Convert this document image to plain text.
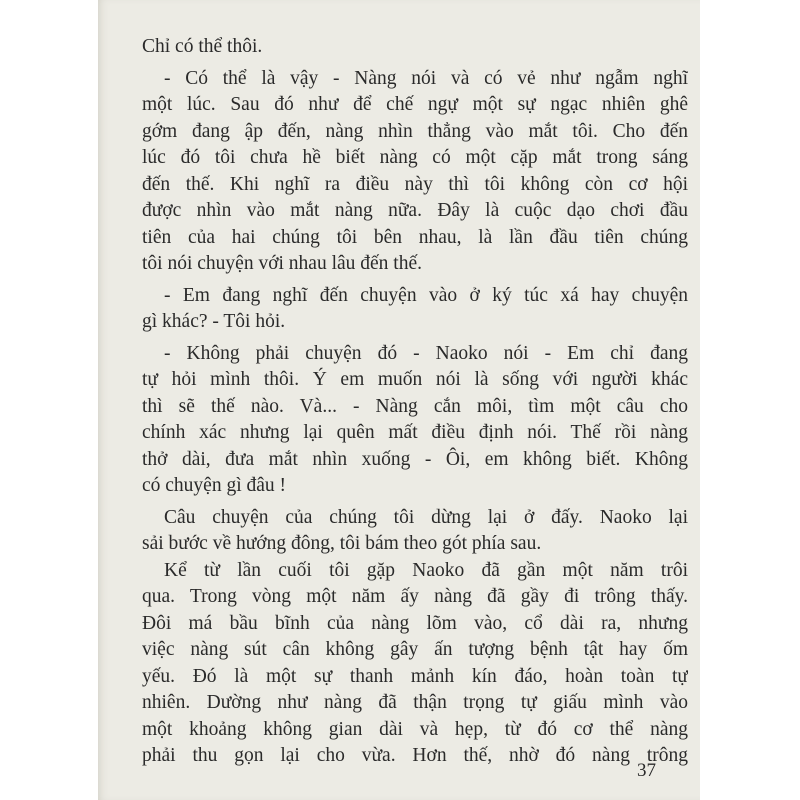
Chỉ có thể thôi.
- Có thể là vậy - Nàng nói và có vẻ như ngẫm nghĩ
một lúc. Sau đó như để chế ngự một sự ngạc nhiên ghê
gớm đang ập đến, nàng nhìn thẳng vào mắt tôi. Cho đến
lúc đó tôi chưa hề biết nàng có một cặp mắt trong sáng
đến thế. Khi nghĩ ra điều này thì tôi không còn cơ hội
được nhìn vào mắt nàng nữa. Đây là cuộc dạo chơi đầu
tiên của hai chúng tôi bên nhau, là lần đầu tiên chúng
tôi nói chuyện với nhau lâu đến thế.
- Em đang nghĩ đến chuyện vào ở ký túc xá hay chuyện
gì khác? - Tôi hỏi.
- Không phải chuyện đó - Naoko nói - Em chỉ đang
tự hỏi mình thôi. Ý em muốn nói là sống với người khác
thì sẽ thế nào. Và... - Nàng cắn môi, tìm một câu cho
chính xác nhưng lại quên mất điều định nói. Thế rồi nàng
thở dài, đưa mắt nhìn xuống - Ôi, em không biết. Không
có chuyện gì đâu !
Câu chuyện của chúng tôi dừng lại ở đấy. Naoko lại
sải bước về hướng đông, tôi bám theo gót phía sau.
Kể từ lần cuối tôi gặp Naoko đã gần một năm trôi
qua. Trong vòng một năm ấy nàng đã gầy đi trông thấy.
Đôi má bầu bĩnh của nàng lõm vào, cổ dài ra, nhưng
việc nàng sút cân không gây ấn tượng bệnh tật hay ốm
yếu. Đó là một sự thanh mảnh kín đáo, hoàn toàn tự
nhiên. Dường như nàng đã thận trọng tự giấu mình vào
một khoảng không gian dài và hẹp, từ đó cơ thể nàng
phải thu gọn lại cho vừa. Hơn thế, nhờ đó nàng trông
37
